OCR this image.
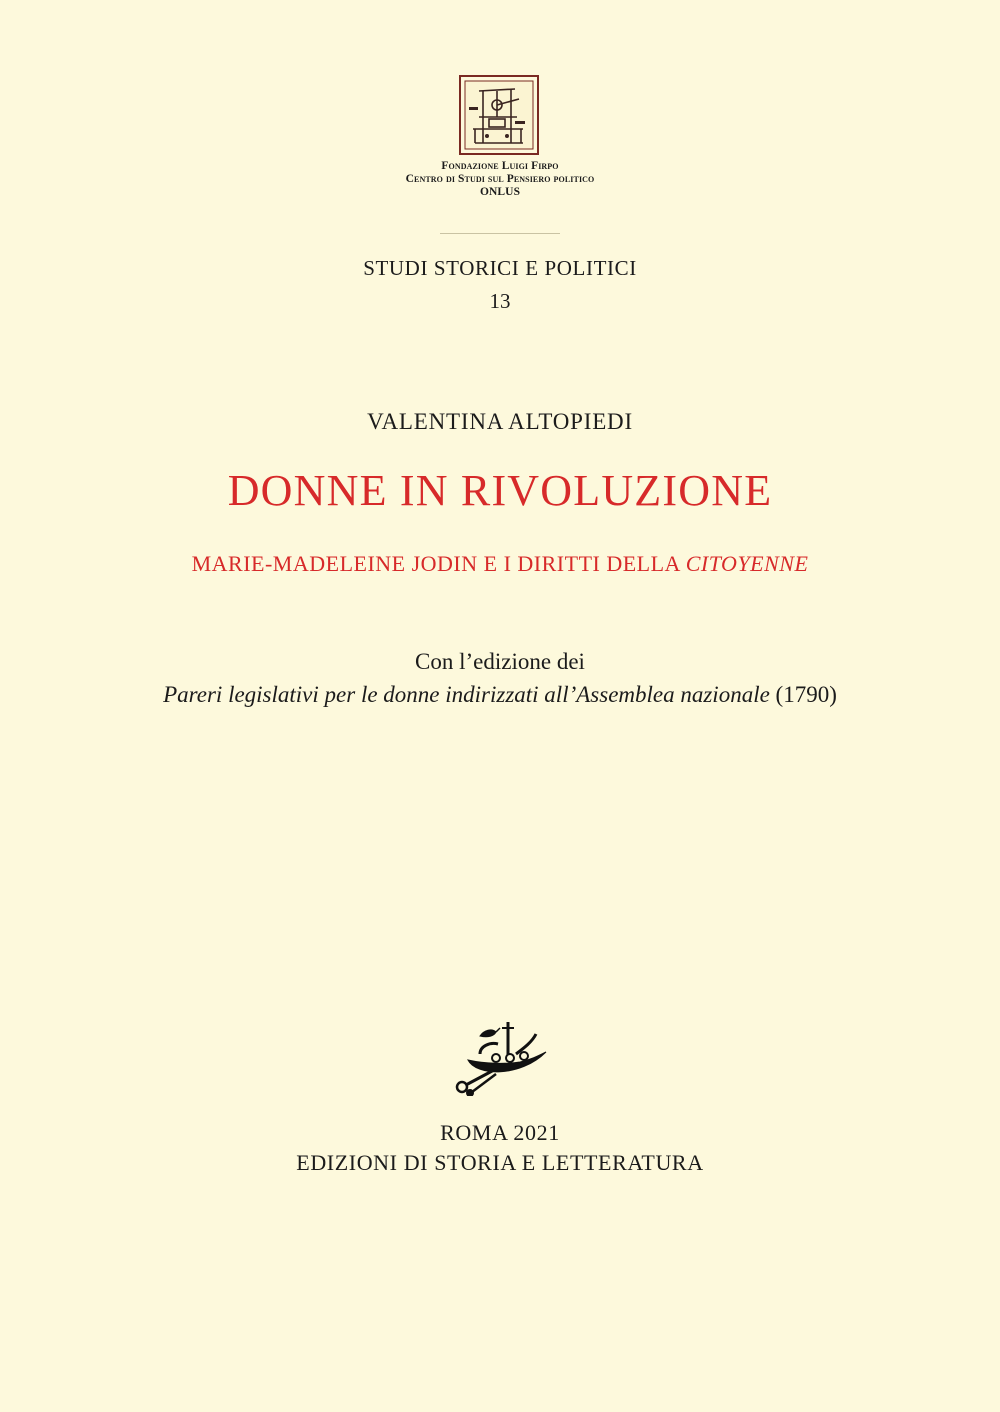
Fondazione Luigi Firpo
Centro di Studi sul Pensiero politico
ONLUS
STUDI STORICI E POLITICI
13
VALENTINA ALTOPIEDI
DONNE IN RIVOLUZIONE
MARIE-MADELEINE JODIN E I DIRITTI DELLA CITOYENNE
Con l’edizione dei
Pareri legislativi per le donne indirizzati all’Assemblea nazionale (1790)
ROMA 2021
EDIZIONI DI STORIA E LETTERATURA
